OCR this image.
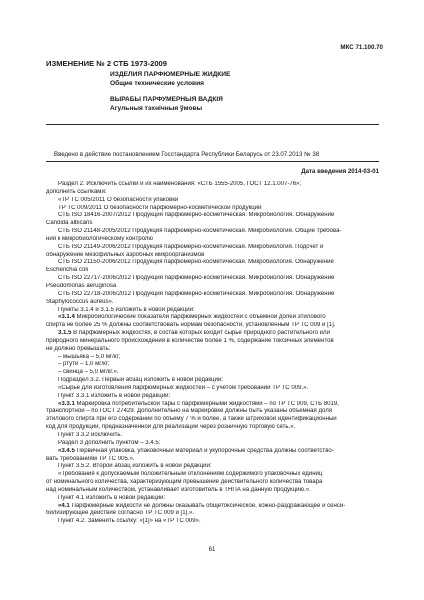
МКС 71.100.70
ИЗМЕНЕНИЕ № 2 СТБ 1973-2009
ИЗДЕЛИЯ ПАРФЮМЕРНЫЕ ЖИДКИЕ
Общие технические условия
ВЫРАБЫ ПАРФУМЕРНЫЯ ВАДКІЯ
Агульныя тэхнічныя ўмовы
Введено в действие постановлением Госстандарта Республики Беларусь от 23.07.2013 № 38
Дата введения 2014-03-01
Раздел 2. Исключить ссылки и их наименования: «СТБ 1555-2005, ГОСТ 12.1.007-76»;
дополнить ссылками:
«ТР ТС 005/2011 О безопасности упаковки
ТР ТС 009/2011 О безопасности парфюмерно-косметической продукции
СТБ ISO 18416-2007/2012 Продукция парфюмерно-косметическая. Микробиология. Обнаружение
Candida albicans
СТБ ISO 21148-2005/2012 Продукция парфюмерно-косметическая. Микробиология. Общие требова-
ния к микробиологическому контролю
СТБ ISO 21149-2006/2012 Продукция парфюмерно-косметическая. Микробиология. Подсчет и
обнаружение мезофильных аэробных микроорганизмов
СТБ ISO 21150-2006/2012 Продукция парфюмерно-косметическая. Микробиология. Обнаружение
Escherichia coli
СТБ ISO 22717-2006/2012 Продукция парфюмерно-косметическая. Микробиология. Обнаружение
Pseudomonas aeruginosa
СТБ ISO 22718-2006/2012 Продукция парфюмерно-косметическая. Микробиология. Обнаружение
Staphylococcus aureus».
Пункты 3.1.4 и 3.1.5 изложить в новой редакции:
«3.1.4 Микробиологические показатели парфюмерных жидкостей с объемной долей этилового
спирта не более 25 % должны соответствовать нормам безопасности, установленным ТР ТС 009 и [1].
3.1.5 В парфюмерных жидкостях, в состав которых входит сырье природного растительного или
природного минерального происхождения в количестве более 1 %, содержание токсичных элементов
не должно превышать:
– мышьяка – 5,0 мг/кг;
– ртути – 1,0 мг/кг;
– свинца – 5,0 мг/кг.».
Подраздел 3.2. Первый абзац изложить в новой редакции:
«Сырье для изготовления парфюмерных жидкостей – с учетом требований ТР ТС 009.».
Пункт 3.3.1 изложить в новой редакции:
«3.3.1 Маркировка потребительской тары с парфюмерными жидкостями – по ТР ТС 009, СТБ 8019,
транспортной – по ГОСТ 27429. Дополнительно на маркировке должны быть указаны объемная доля
этилового спирта при его содержании по объему 7 % и более, а также штриховой идентификационный
код для продукции, предназначенной для реализации через розничную торговую сеть.».
Пункт 3.3.2 исключить.
Раздел 3 дополнить пунктом – 3.4.5:
«3.4.5 Первичная упаковка, упаковочный материал и укупорочные средства должны соответство-
вать требованиям ТР ТС 005.».
Пункт 3.5.2. Второй абзац изложить в новой редакции:
«Требования к допускаемым положительным отклонениям содержимого упаковочных единиц
от номинального количества, характеризующим превышение действительного количества товара
над номинальным количеством, устанавливает изготовитель в ТНПА на данную продукцию.».
Пункт 4.1 изложить в новой редакции:
«4.1 Парфюмерные жидкости не должны оказывать общетоксическое, кожно-раздражающее и сенси-
билизирующее действие согласно ТР ТС 009 и [1].».
Пункт 4.2. Заменить ссылку: «[1]» на «ТР ТС 009».
61
